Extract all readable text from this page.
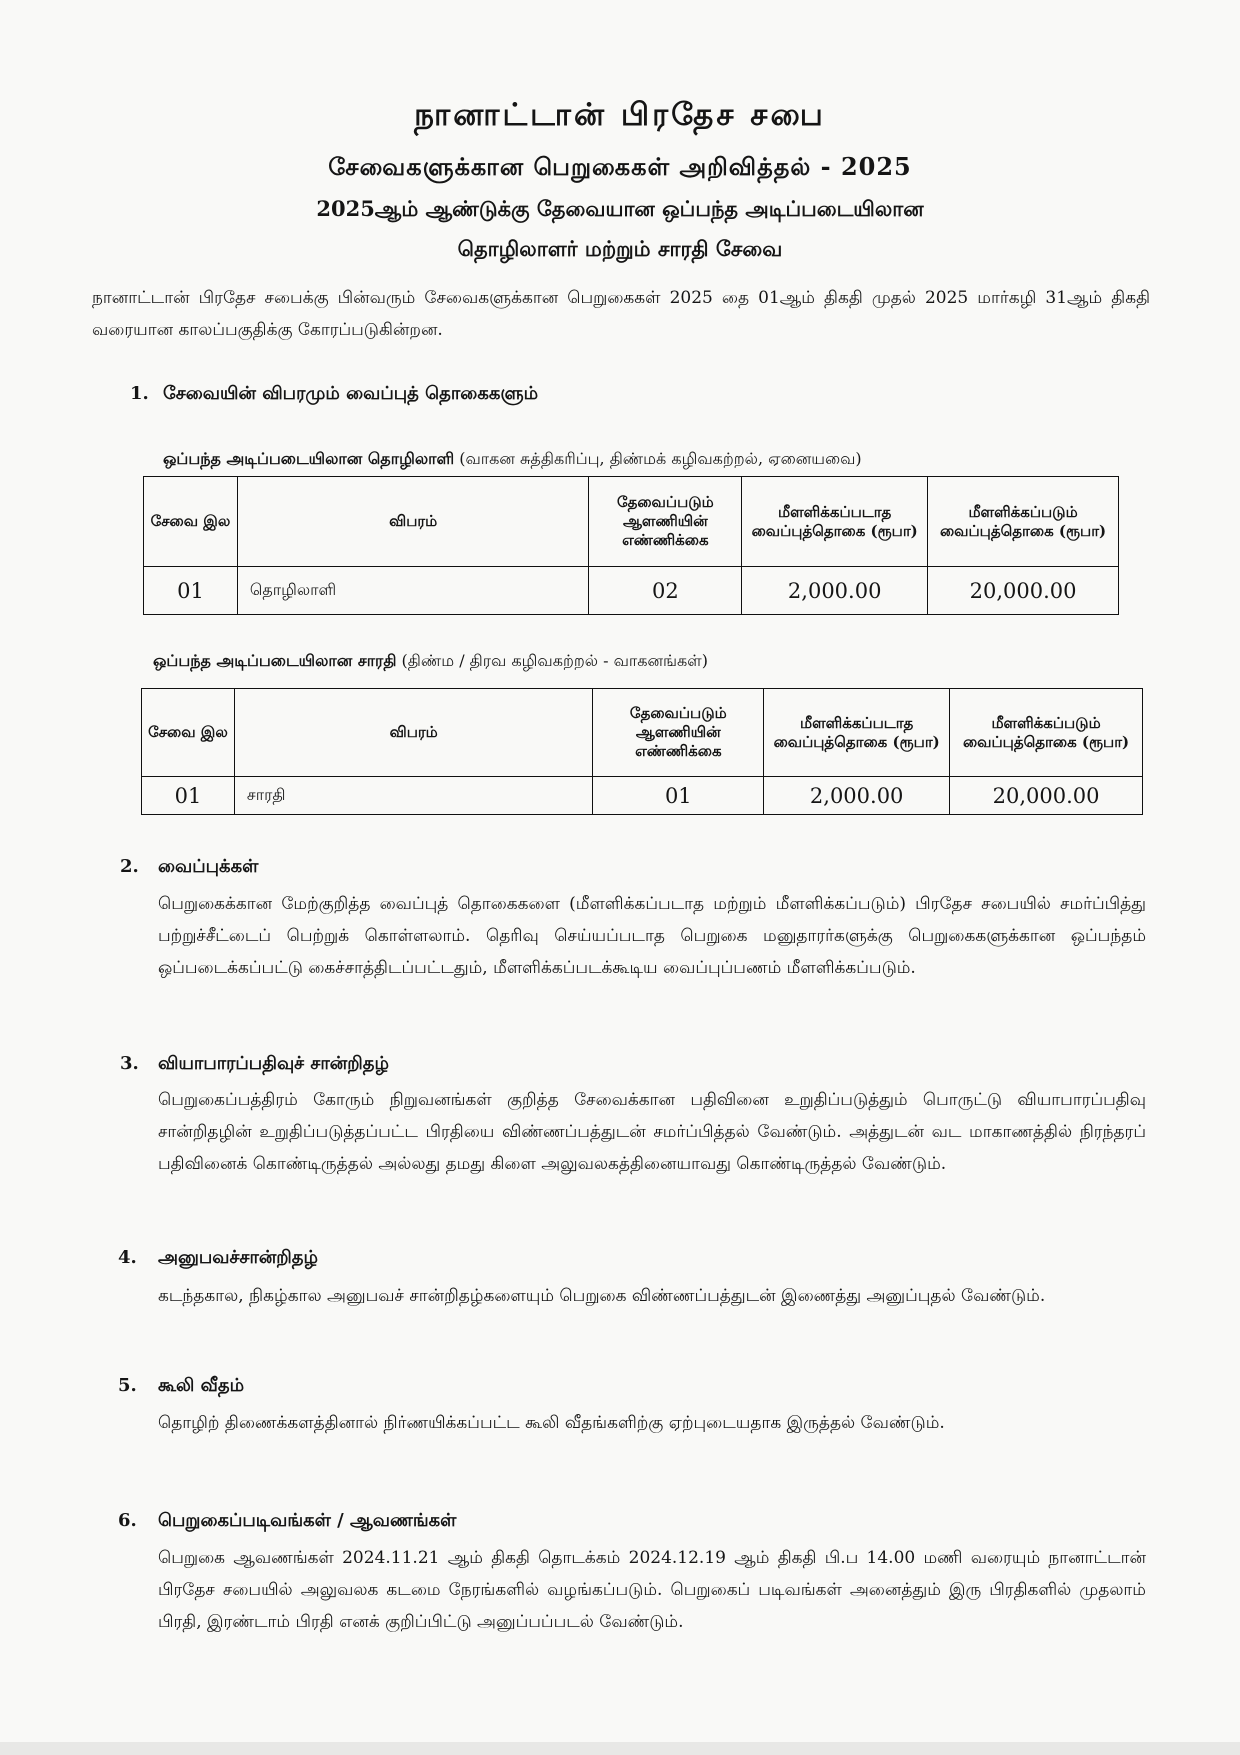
நானாட்டான் பிரதேச சபை
சேவைகளுக்கான பெறுகைகள் அறிவித்தல் - 2025
2025ஆம் ஆண்டுக்கு தேவையான ஒப்பந்த அடிப்படையிலான
தொழிலாளர் மற்றும் சாரதி சேவை

நானாட்டான் பிரதேச சபைக்கு பின்வரும் சேவைகளுக்கான பெறுகைகள் 2025 தை 01ஆம் திகதி முதல் 2025 மார்கழி 31ஆம் திகதி வரையான காலப்பகுதிக்கு கோரப்படுகின்றன.

1. சேவையின் விபரமும் வைப்புத் தொகைகளும்
ஒப்பந்த அடிப்படையிலான தொழிலாளி (வாகன சுத்திகரிப்பு, திண்மக் கழிவகற்றல், ஏனையவை)
சேவை இல	விபரம்	தேவைப்படும் ஆளணியின் எண்ணிக்கை	மீளளிக்கப்படாத வைப்புத்தொகை (ரூபா)	மீளளிக்கப்படும் வைப்புத்தொகை (ரூபா)
01	தொழிலாளி	02	2,000.00	20,000.00
ஒப்பந்த அடிப்படையிலான சாரதி (திண்ம / திரவ கழிவகற்றல் - வாகனங்கள்)
சேவை இல	விபரம்	தேவைப்படும் ஆளணியின் எண்ணிக்கை	மீளளிக்கப்படாத வைப்புத்தொகை (ரூபா)	மீளளிக்கப்படும் வைப்புத்தொகை (ரூபா)
01	சாரதி	01	2,000.00	20,000.00
2. வைப்புக்கள்

பெறுகைக்கான மேற்குறித்த வைப்புத் தொகைகளை (மீளளிக்கப்படாத மற்றும் மீளளிக்கப்படும்) பிரதேச சபையில் சமர்ப்பித்து பற்றுச்சீட்டைப் பெற்றுக் கொள்ளலாம். தெரிவு செய்யப்படாத பெறுகை மனுதாரர்களுக்கு பெறுகைகளுக்கான ஒப்பந்தம் ஒப்படைக்கப்பட்டு கைச்சாத்திடப்பட்டதும், மீளளிக்கப்படக்கூடிய வைப்புப்பணம் மீளளிக்கப்படும்.

3. வியாபாரப்பதிவுச் சான்றிதழ்

பெறுகைப்பத்திரம் கோரும் நிறுவனங்கள் குறித்த சேவைக்கான பதிவினை உறுதிப்படுத்தும் பொருட்டு வியாபாரப்பதிவு சான்றிதழின் உறுதிப்படுத்தப்பட்ட பிரதியை விண்ணப்பத்துடன் சமர்ப்பித்தல் வேண்டும். அத்துடன் வட மாகாணத்தில் நிரந்தரப் பதிவினைக் கொண்டிருத்தல் அல்லது தமது கிளை அலுவலகத்தினையாவது கொண்டிருத்தல் வேண்டும்.

4. அனுபவச்சான்றிதழ்

கடந்தகால, நிகழ்கால அனுபவச் சான்றிதழ்களையும் பெறுகை விண்ணப்பத்துடன் இணைத்து அனுப்புதல் வேண்டும்.

5. கூலி வீதம்

தொழிற் திணைக்களத்தினால் நிர்ணயிக்கப்பட்ட கூலி வீதங்களிற்கு ஏற்புடையதாக இருத்தல் வேண்டும்.

6. பெறுகைப்படிவங்கள் / ஆவணங்கள்

பெறுகை ஆவணங்கள் 2024.11.21 ஆம் திகதி தொடக்கம் 2024.12.19 ஆம் திகதி பி.ப 14.00 மணி வரையும் நானாட்டான் பிரதேச சபையில் அலுவலக கடமை நேரங்களில் வழங்கப்படும். பெறுகைப் படிவங்கள் அனைத்தும் இரு பிரதிகளில் முதலாம் பிரதி, இரண்டாம் பிரதி எனக் குறிப்பிட்டு அனுப்பப்படல் வேண்டும்.
